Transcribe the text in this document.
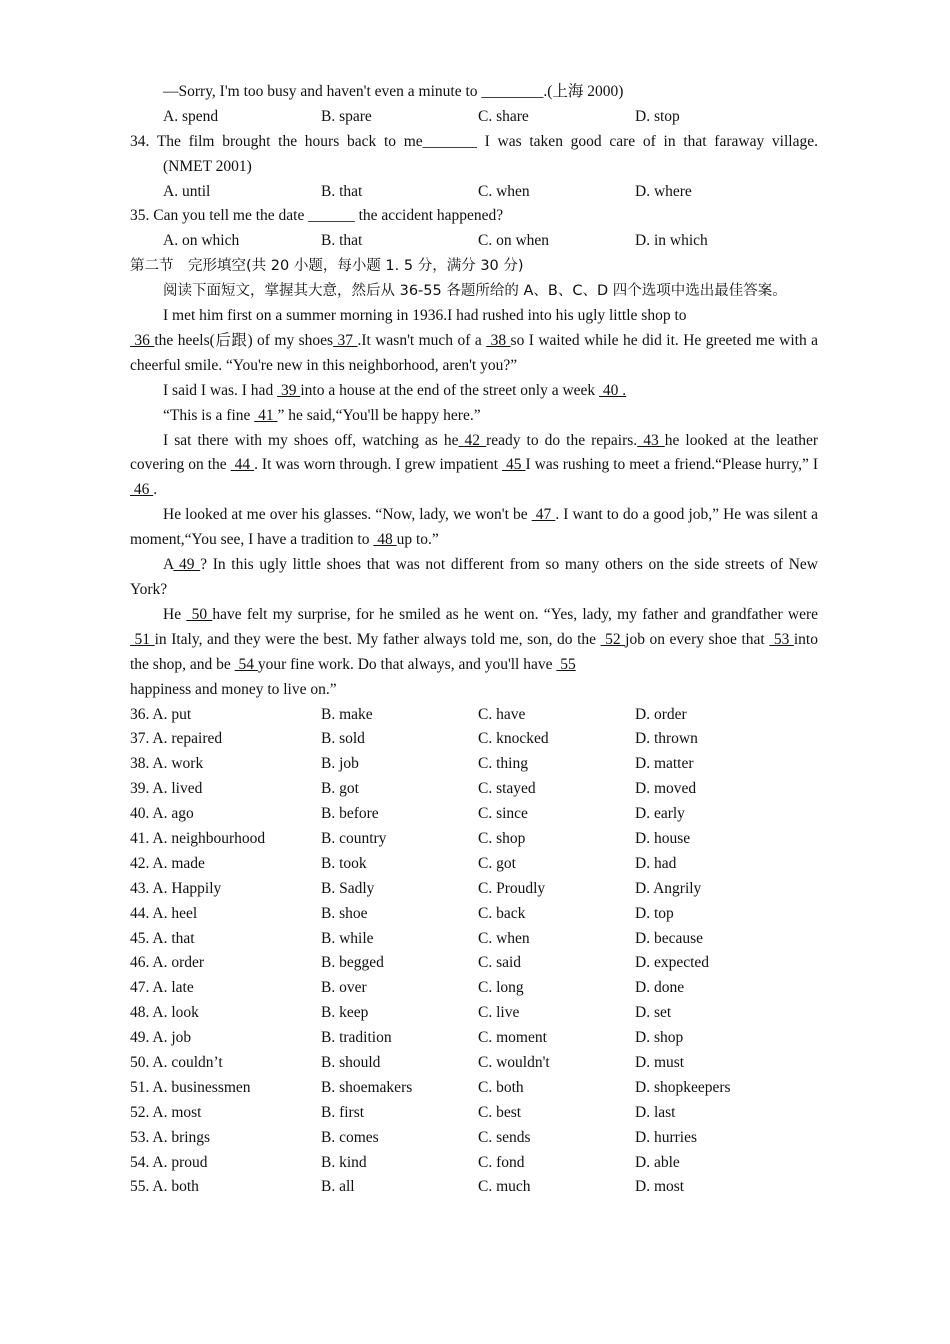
—Sorry, I'm too busy and haven't even a minute to ________.(上海 2000)
A. spend	B. spare	C. share	D. stop
34. The film brought the hours back to me_______ I was taken good care of in that faraway village.
(NMET 2001)
A. until	B. that	C. when	D. where
35. Can you tell me the date ______ the accident happened?
A. on which	B. that	C. on when	D. in which
第二节　完形填空(共 20 小题，每小题 1. 5 分，满分 30 分)

阅读下面短文，掌握其大意，然后从 36-55 各题所给的 A、B、C、D 四个选项中选出最佳答案。

I met him first on a summer morning in 1936.I had rushed into his ugly little shop to
36 the heels(后跟) of my shoes 37 .It wasn't much of a  38 so I waited while he did it. He greeted me with a cheerful smile. “You're new in this neighborhood, aren't you?”

I said I was. I had  39 into a house at the end of the street only a week  40 .

“This is a fine  41 ” he said,“You'll be happy here.”

I sat there with my shoes off, watching as he 42 ready to do the repairs. 43 he looked at the leather covering on the  44 . It was worn through. I grew impatient  45 I was rushing to meet a friend.“Please hurry,” I  46 .

He looked at me over his glasses. “Now, lady, we won't be  47 . I want to do a good job,” He was silent a moment,“You see, I have a tradition to  48 up to.”

A 49 ? In this ugly little shoes that was not different from so many others on the side streets of New York?

He  50 have felt my surprise, for he smiled as he went on. “Yes, lady, my father and grandfather were  51 in Italy, and they were the best. My father always told me, son, do the  52 job on every shoe that  53 into the shop, and be  54 your fine work. Do that always, and you'll have  55
happiness and money to live on.”

36. A. put	B. make	C. have	D. order
37. A. repaired	B. sold	C. knocked	D. thrown
38. A. work	B. job	C. thing	D. matter
39. A. lived	B. got	C. stayed	D. moved
40. A. ago	B. before	C. since	D. early
41. A. neighbourhood	B. country	C. shop	D. house
42. A. made	B. took	C. got	D. had
43. A. Happily	B. Sadly	C. Proudly	D. Angrily
44. A. heel	B. shoe	C. back	D. top
45. A. that	B. while	C. when	D. because
46. A. order	B. begged	C. said	D. expected
47. A. late	B. over	C. long	D. done
48. A. look	B. keep	C. live	D. set
49. A. job	B. tradition	C. moment	D. shop
50. A. couldn’t	B. should	C. wouldn't	D. must
51. A. businessmen	B. shoemakers	C. both	D. shopkeepers
52. A. most	B. first	C. best	D. last
53. A. brings	B. comes	C. sends	D. hurries
54. A. proud	B. kind	C. fond	D. able
55. A. both	B. all	C. much	D. most
